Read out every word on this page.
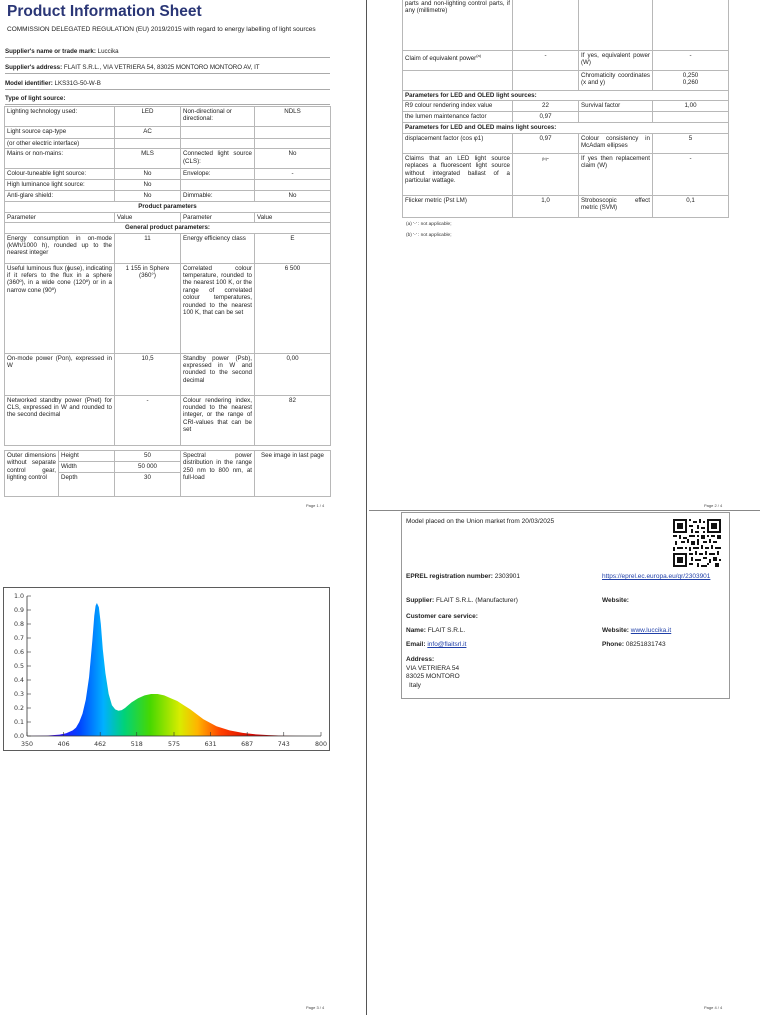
Product Information Sheet
COMMISSION DELEGATED REGULATION (EU) 2019/2015 with regard to energy labelling of light sources
Supplier's name or trade mark: Luccika
Supplier's address: FLAIT S.R.L., VIA VETRIERA 54, 83025 MONTORO MONTORO AV, IT
Model identifier: LKS31G-50-W-B
Type of light source:
Lighting technology used:	LED	Non-directional or directional:	NDLS
Light source cap-type	AC		
(or other electric interface)			
Mains or non-mains:	MLS	Connected light source (CLS):	No
Colour-tuneable light source:	No	Envelope:	-
High luminance light source:	No		
Anti-glare shield:	No	Dimmable:	No
Product parameters			
Parameter	Value	Parameter	Value
General product parameters:			
Energy consumption in on-mode (kWh/1000 h), rounded up to the nearest integer	11	Energy efficiency class	E
Useful luminous flux (ɸuse), indicating if it refers to the flux in a sphere (360º), in a wide cone (120º) or in a narrow cone (90º)	1 155 in Sphere (360°)	Correlated colour temperature, rounded to the nearest 100 K, or the range of correlated colour temperatures, rounded to the nearest 100 K, that can be set	6 500
On-mode power (Pon), expressed in W	10,5	Standby power (Psb), expressed in W and rounded to the second decimal	0,00
Networked standby power (Pnet) for CLS, expressed in W and rounded to the second decimal	-	Colour rendering index, rounded to the nearest integer, or the range of CRI-values that can be set	82
Outer dimensions without separate control gear, lighting control	Height	50	Spectral power distribution in the range 250 nm to 800 nm, at full-load	See image in last page
	Width	50 000		
	Depth	30		
Page 1 / 4
parts and non-lighting control parts, if any (millimetre)			
Claim of equivalent power$^{(a)}$	-	If yes, equivalent power (W)	-
		Chromaticity coordinates (x and y)	0,250
0,260

Parameters for LED and OLED light sources:			
R9 colour rendering index value	22	Survival factor	1,00
the lumen maintenance factor	0,97		
Parameters for LED and OLED mains light sources:			
displacement factor (cos φ1)	0,97	Colour consistency in McAdam ellipses	5
Claims that an LED light source replaces a fluorescent light source without integrated ballast of a particular wattage.	$^{(b)}$-	If yes then replacement claim (W)	-
Flicker metric (Pst LM)	1,0	Stroboscopic effect metric (SVM)	0,1
(a) '-' : not applicable;
(b) '-' : not applicable;
Page 2 / 4
0.0
0.1
0.2
0.3
0.4
0.5
0.6
0.7
0.8
0.9
1.0
350	406	462	518	575	631	687	743	800
Page 3 / 4
Model placed on the Union market from 20/03/2025
EPREL registration number: 2303901	https://eprel.ec.europa.eu/qr/2303901
Supplier: FLAIT S.R.L. (Manufacturer)	Website:
Customer care service:
Name: FLAIT S.R.L.	Website: www.luccika.it
Email: info@flaitsrl.it	Phone: 08251831743
Address:
VIA VETRIERA 54
83025 MONTORO
Italy
Page 4 / 4
